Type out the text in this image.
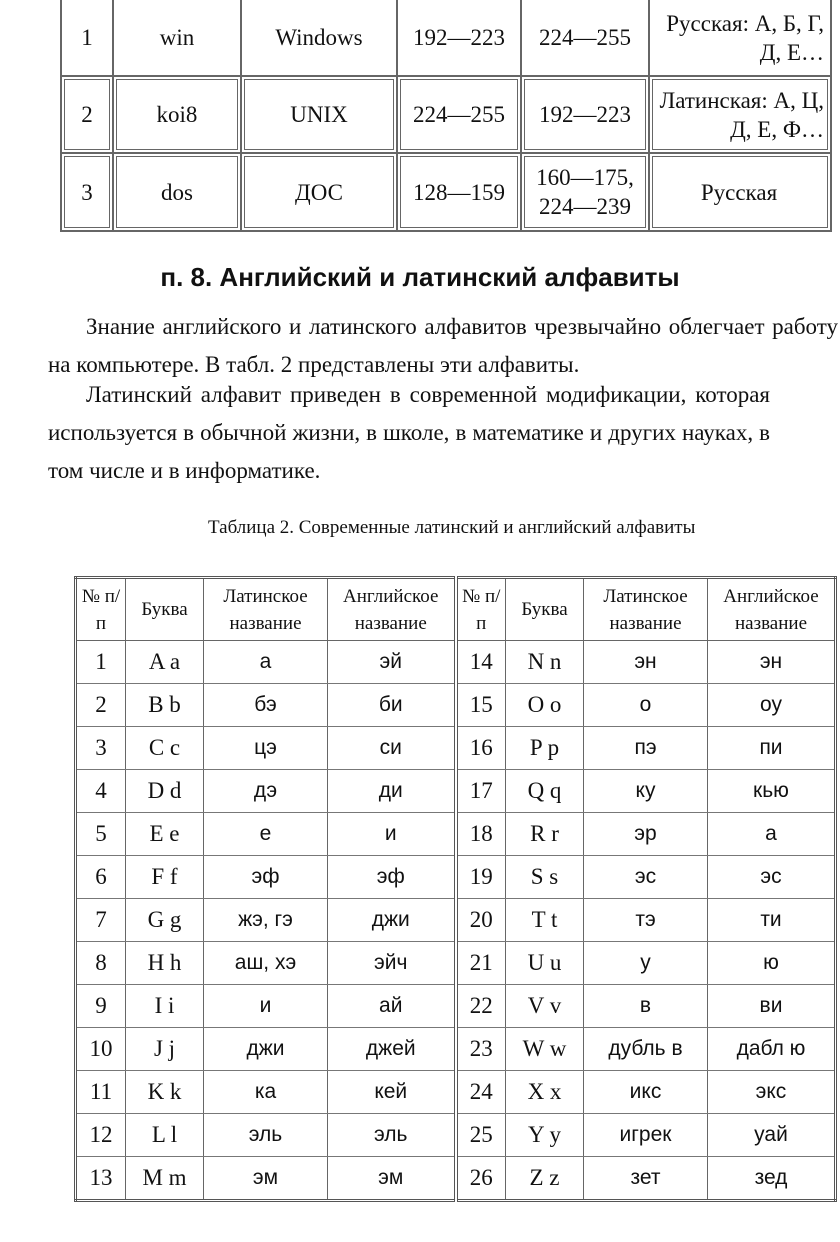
1	win	Windows	192—223	224—255	Русская: А, Б, Г, Д, Е…
2	koi8	UNIX	224—255	192—223	Латинская: А, Ц, Д, Е, Ф…
3	dos	ДОС	128—159	160—175, 224—239	Русская
п. 8. Английский и латинский алфавиты

Знание английского и латинского алфавитов чрезвычайно облегчает работу на компьютере. В табл. 2 представлены эти алфавиты.

Латинский алфавит приведен в современной модификации, которая используется в обычной жизни, в школе, в математике и других науках, в том числе и в информатике.

Таблица 2. Современные латинский и английский алфавиты
№ п/п	Буква	Латинское название	Английское название	№ п/п	Буква	Латинское название	Английское название
1	A a	а	эй	14	N n	эн	эн
2	B b	бэ	би	15	O o	о	оу
3	C c	цэ	си	16	P p	пэ	пи
4	D d	дэ	ди	17	Q q	ку	кью
5	E e	е	и	18	R r	эр	а
6	F f	эф	эф	19	S s	эс	эс
7	G g	жэ, гэ	джи	20	T t	тэ	ти
8	H h	аш, хэ	эйч	21	U u	у	ю
9	I i	и	ай	22	V v	в	ви
10	J j	джи	джей	23	W w	дубль в	дабл ю
11	K k	ка	кей	24	X x	икс	экс
12	L l	эль	эль	25	Y y	игрек	уай
13	M m	эм	эм	26	Z z	зет	зед
